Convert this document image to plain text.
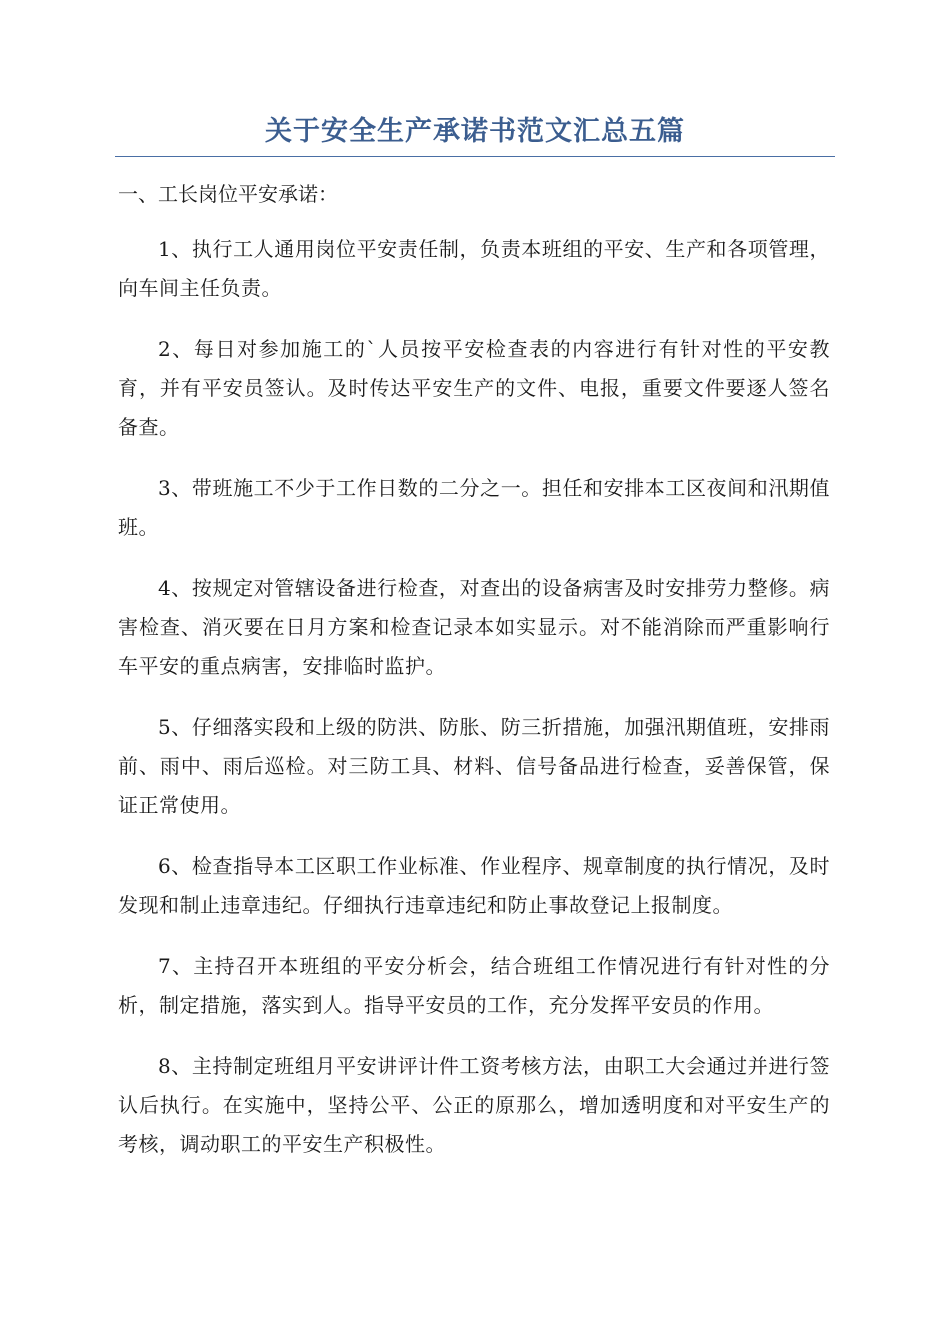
关于安全生产承诺书范文汇总五篇

一、工长岗位平安承诺：

1、执行工人通用岗位平安责任制，负责本班组的平安、生产和各项管理，向车间主任负责。

2、每日对参加施工的`人员按平安检查表的内容进行有针对性的平安教育，并有平安员签认。及时传达平安生产的文件、电报，重要文件要逐人签名备查。

3、带班施工不少于工作日数的二分之一。担任和安排本工区夜间和汛期值班。

4、按规定对管辖设备进行检查，对查出的设备病害及时安排劳力整修。病害检查、消灭要在日月方案和检查记录本如实显示。对不能消除而严重影响行车平安的重点病害，安排临时监护。

5、仔细落实段和上级的防洪、防胀、防三折措施，加强汛期值班，安排雨前、雨中、雨后巡检。对三防工具、材料、信号备品进行检查，妥善保管，保证正常使用。

6、检查指导本工区职工作业标准、作业程序、规章制度的执行情况，及时发现和制止违章违纪。仔细执行违章违纪和防止事故登记上报制度。

7、主持召开本班组的平安分析会，结合班组工作情况进行有针对性的分析，制定措施，落实到人。指导平安员的工作，充分发挥平安员的作用。

8、主持制定班组月平安讲评计件工资考核方法，由职工大会通过并进行签认后执行。在实施中，坚持公平、公正的原那么，增加透明度和对平安生产的考核，调动职工的平安生产积极性。
